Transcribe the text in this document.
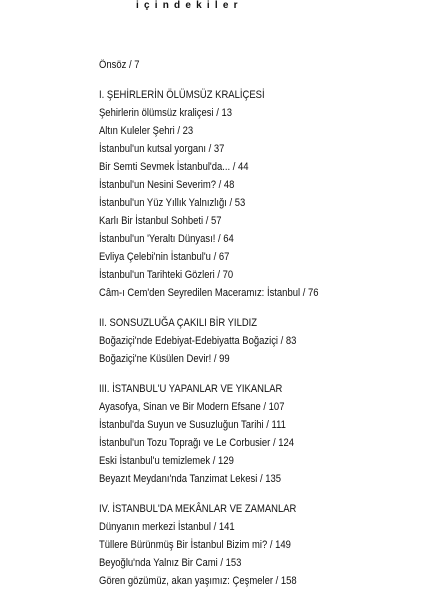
içindekiler
Önsöz / 7
I. ŞEHİRLERİN ÖLÜMSÜZ KRALİÇESİ
Şehirlerin ölümsüz kraliçesi / 13
Altın Kuleler Şehri / 23
İstanbul'un kutsal yorganı / 37
Bir Semti Sevmek İstanbul'da... / 44
İstanbul'un Nesini Severim? / 48
İstanbul'un Yüz Yıllık Yalnızlığı / 53
Karlı Bir İstanbul Sohbeti / 57
İstanbul'un 'Yeraltı Dünyası! / 64
Evliya Çelebi'nin İstanbul'u / 67
İstanbul'un Tarihteki Gözleri / 70
Câm-ı Cem'den Seyredilen Maceramız: İstanbul / 76
II. SONSUZLUĞA ÇAKILI BİR YILDIZ
Boğaziçi'nde Edebiyat-Edebiyatta Boğaziçi / 83
Boğaziçi'ne Küsülen Devir! / 99
III. İSTANBUL'U YAPANLAR VE YIKANLAR
Ayasofya, Sinan ve Bir Modern Efsane / 107
İstanbul'da Suyun ve Susuzluğun Tarihi / 111
İstanbul'un Tozu Toprağı ve Le Corbusier / 124
Eski İstanbul'u temizlemek / 129
Beyazıt Meydanı'nda Tanzimat Lekesi / 135
IV. İSTANBUL'DA MEKÂNLAR VE ZAMANLAR
Dünyanın merkezi İstanbul / 141
Tüllere Bürünmüş Bir İstanbul Bizim mi? / 149
Beyoğlu'nda Yalnız Bir Cami / 153
Gören gözümüz, akan yaşımız: Çeşmeler / 158
